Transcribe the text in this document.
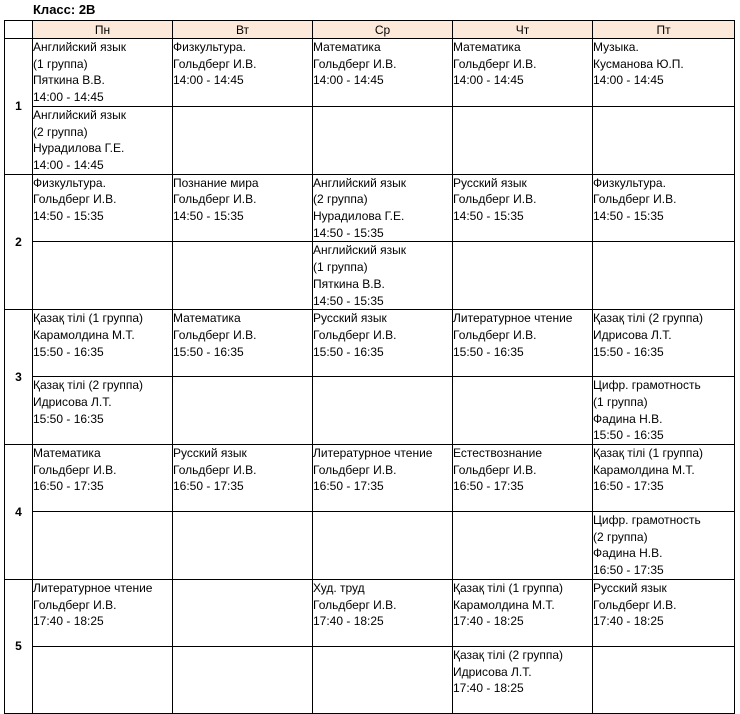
Класс: 2В
	Пн	Вт	Ср	Чт	Пт
1	Английский язык
(1 группа)
Пяткина В.В.
14:00 - 14:45	Физкультура.
Гольдберг И.В.
14:00 - 14:45	Математика
Гольдберг И.В.
14:00 - 14:45	Математика
Гольдберг И.В.
14:00 - 14:45	Музыка.
Кусманова Ю.П.
14:00 - 14:45

	Английский язык
(2 группа)
Нурадилова Г.Е.
14:00 - 14:45				

2	Физкультура.
Гольдберг И.В.
14:50 - 15:35	Познание мира
Гольдберг И.В.
14:50 - 15:35	Английский язык
(2 группа)
Нурадилова Г.Е.
14:50 - 15:35	Русский язык
Гольдберг И.В.
14:50 - 15:35	Физкультура.
Гольдберг И.В.
14:50 - 15:35

			Английский язык
(1 группа)
Пяткина В.В.
14:50 - 15:35		

3	Қазақ тілі (1 группа)
Карамолдина М.Т.
15:50 - 16:35	Математика
Гольдберг И.В.
15:50 - 16:35	Русский язык
Гольдберг И.В.
15:50 - 16:35	Литературное чтение
Гольдберг И.В.
15:50 - 16:35	Қазақ тілі (2 группа)
Идрисова Л.Т.
15:50 - 16:35

	Қазақ тілі (2 группа)
Идрисова Л.Т.
15:50 - 16:35				Цифр. грамотность
(1 группа)
Фадина Н.В.
15:50 - 16:35

4	Математика
Гольдберг И.В.
16:50 - 17:35	Русский язык
Гольдберг И.В.
16:50 - 17:35	Литературное чтение
Гольдберг И.В.
16:50 - 17:35	Естествознание
Гольдберг И.В.
16:50 - 17:35	Қазақ тілі (1 группа)
Карамолдина М.Т.
16:50 - 17:35

					Цифр. грамотность
(2 группа)
Фадина Н.В.
16:50 - 17:35

5	Литературное чтение
Гольдберг И.В.
17:40 - 18:25		Худ. труд
Гольдберг И.В.
17:40 - 18:25	Қазақ тілі (1 группа)
Карамолдина М.Т.
17:40 - 18:25	Русский язык
Гольдберг И.В.
17:40 - 18:25

				Қазақ тілі (2 группа)
Идрисова Л.Т.
17:40 - 18:25	
